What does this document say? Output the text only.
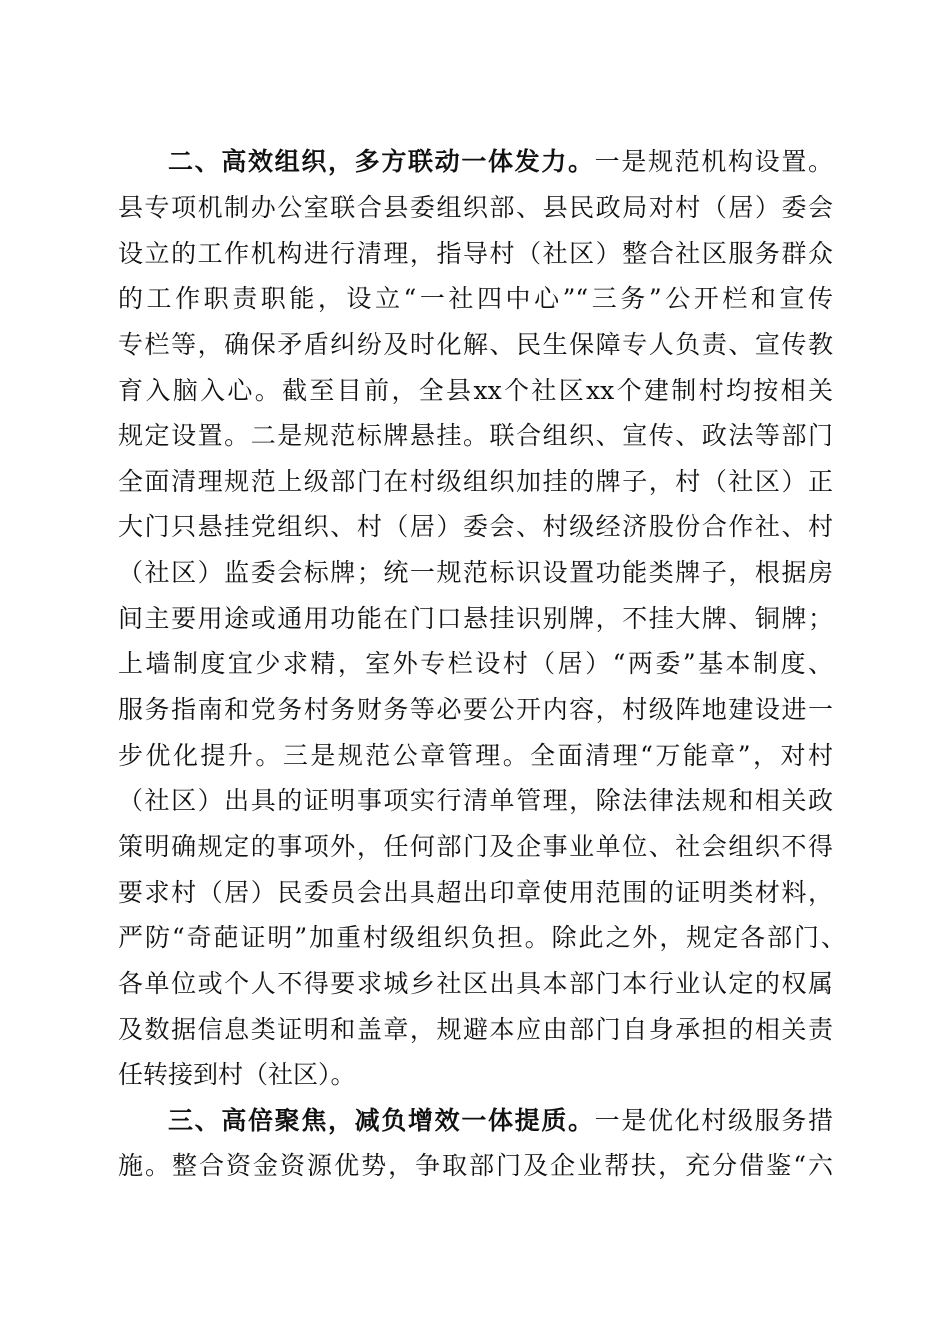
二、高效组织，多方联动一体发力。一是规范机构设置。
县专项机制办公室联合县委组织部、县民政局对村（居）委会
设立的工作机构进行清理，指导村（社区）整合社区服务群众
的工作职责职能，设立“一社四中心”“三务”公开栏和宣传
专栏等，确保矛盾纠纷及时化解、民生保障专人负责、宣传教
育入脑入心。截至目前，全县xx个社区xx个建制村均按相关
规定设置。二是规范标牌悬挂。联合组织、宣传、政法等部门
全面清理规范上级部门在村级组织加挂的牌子，村（社区）正
大门只悬挂党组织、村（居）委会、村级经济股份合作社、村
（社区）监委会标牌；统一规范标识设置功能类牌子，根据房
间主要用途或通用功能在门口悬挂识别牌，不挂大牌、铜牌；
上墙制度宜少求精，室外专栏设村（居）“两委”基本制度、
服务指南和党务村务财务等必要公开内容，村级阵地建设进一
步优化提升。三是规范公章管理。全面清理“万能章”，对村
（社区）出具的证明事项实行清单管理，除法律法规和相关政
策明确规定的事项外，任何部门及企事业单位、社会组织不得
要求村（居）民委员会出具超出印章使用范围的证明类材料，
严防“奇葩证明”加重村级组织负担。除此之外，规定各部门、
各单位或个人不得要求城乡社区出具本部门本行业认定的权属
及数据信息类证明和盖章，规避本应由部门自身承担的相关责
任转接到村（社区）。
三、高倍聚焦，减负增效一体提质。一是优化村级服务措
施。整合资金资源优势，争取部门及企业帮扶，充分借鉴“六
